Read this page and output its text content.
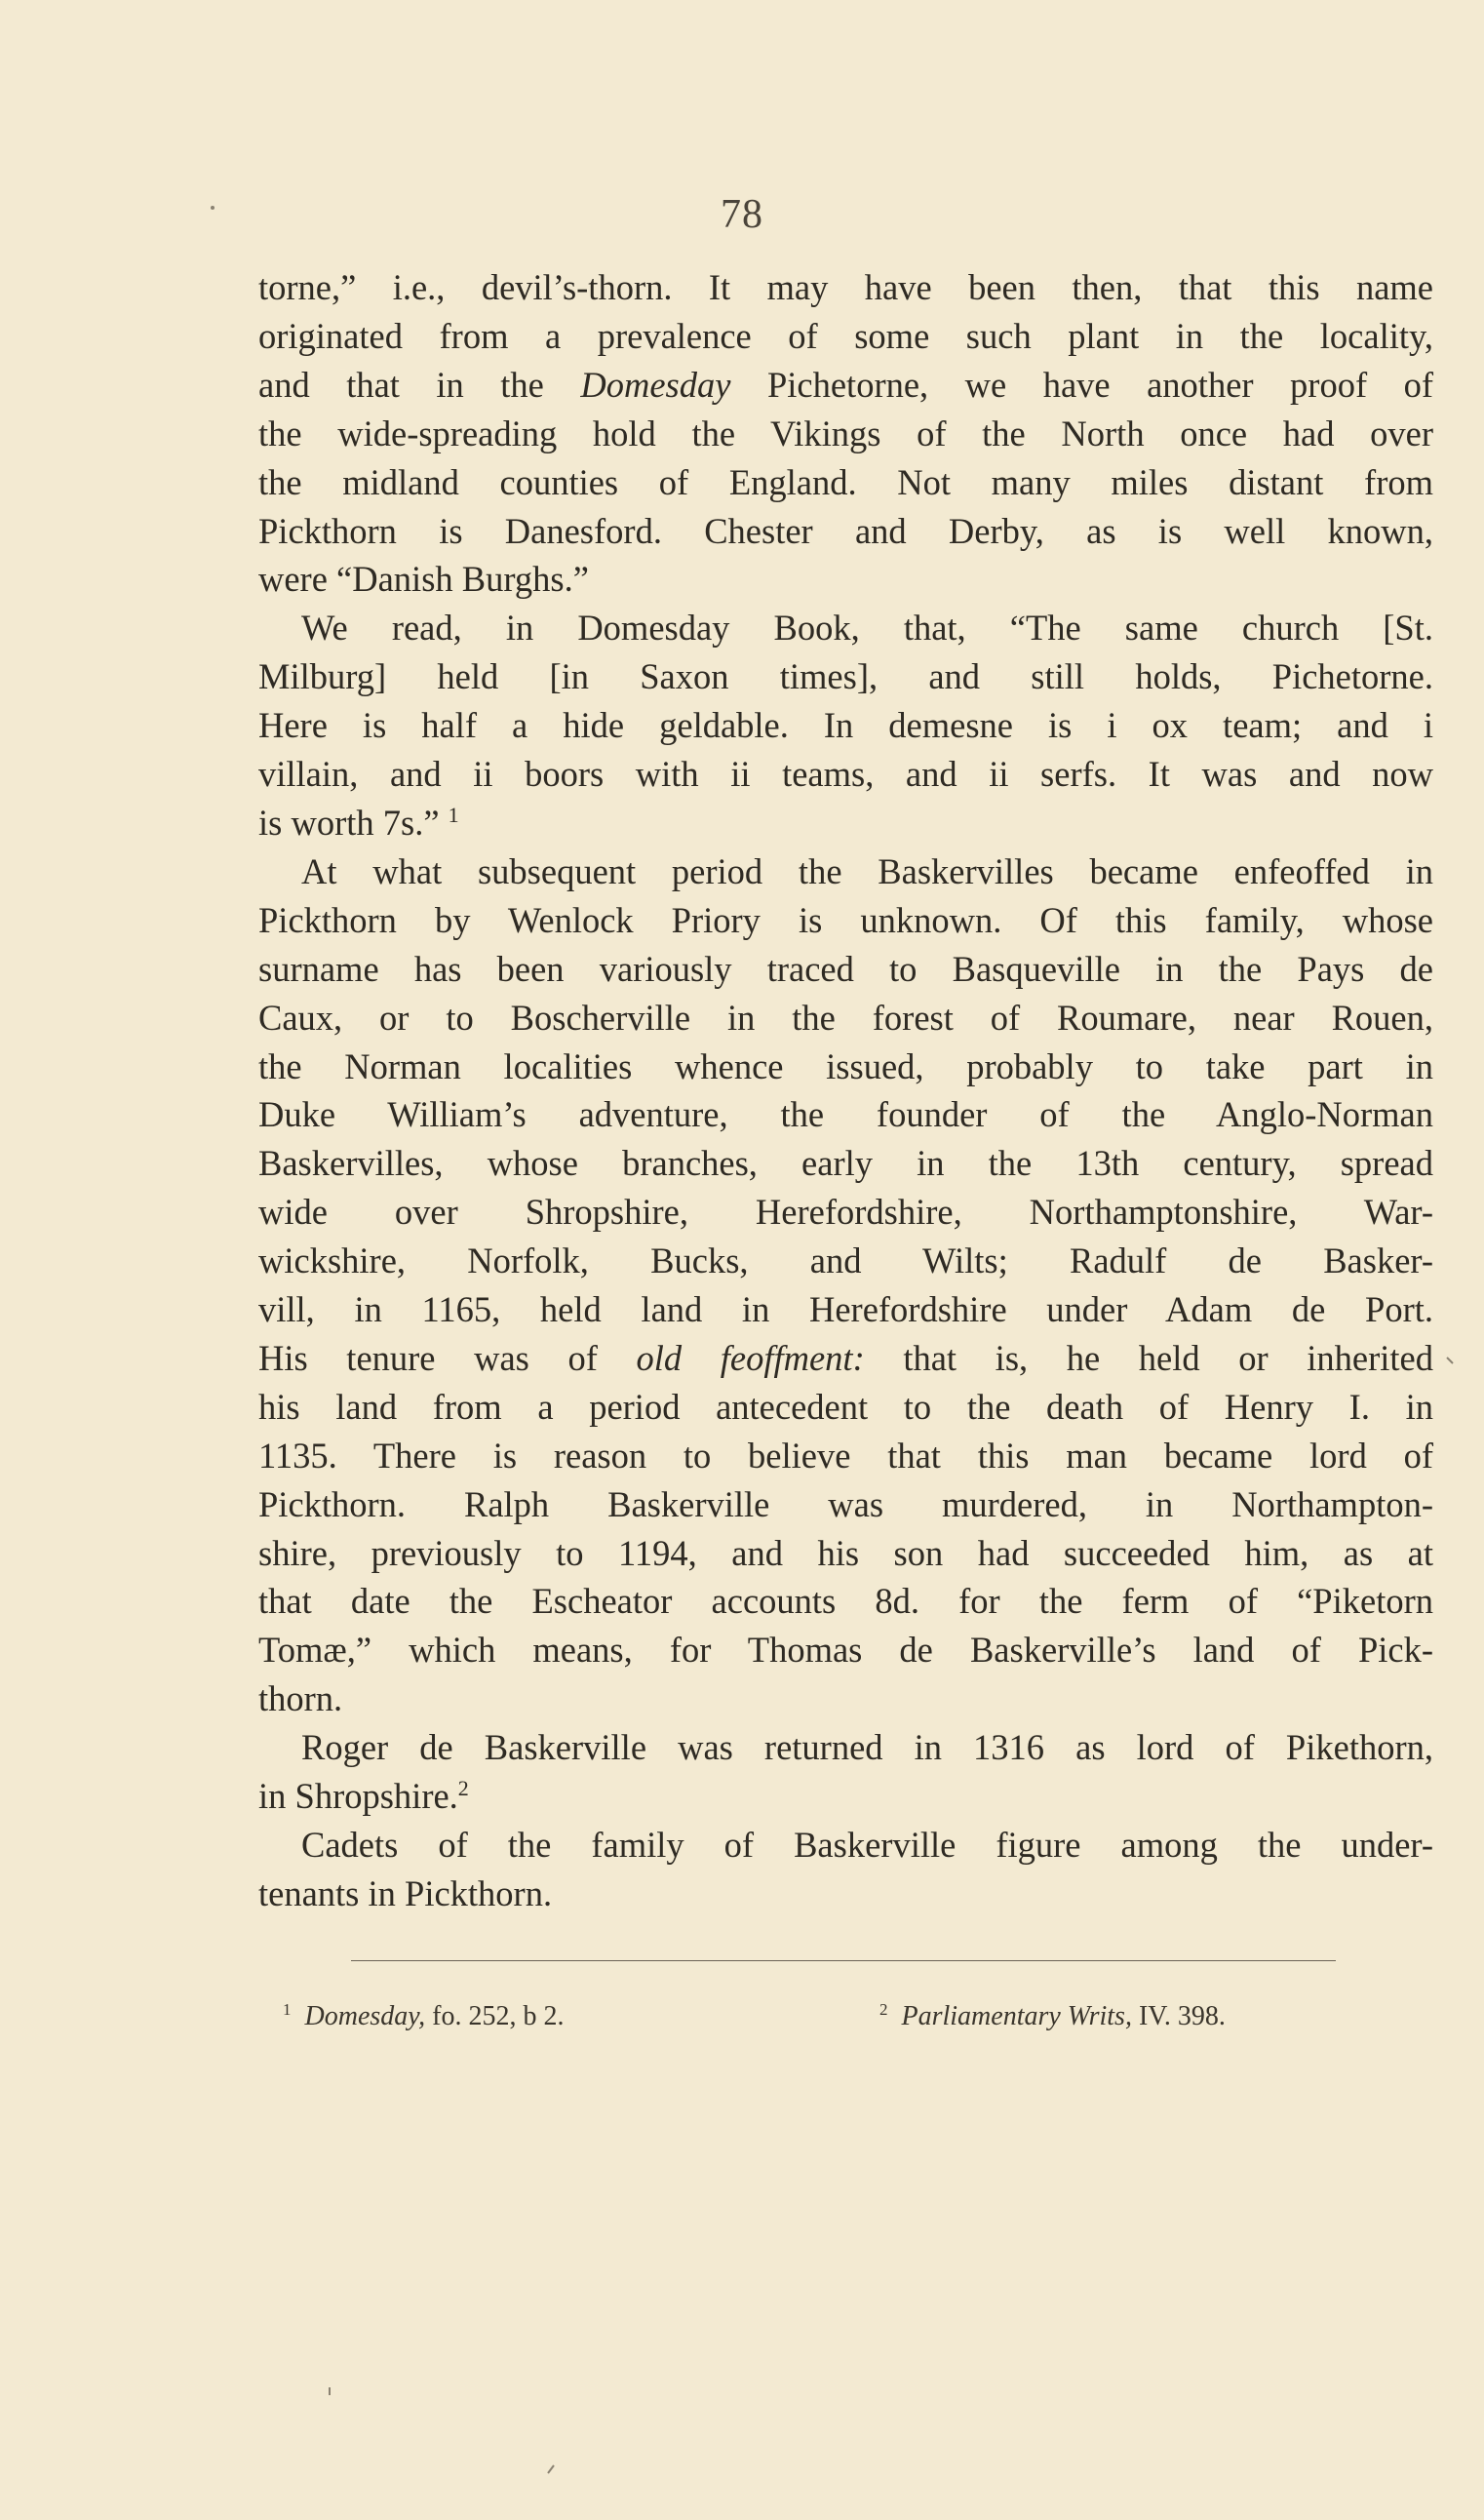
78

torne,” i.e., devil’s-thorn. It may have been then, that this name
originated from a prevalence of some such plant in the locality,
and that in the Domesday Pichetorne, we have another proof of
the wide-spreading hold the Vikings of the North once had over
the midland counties of England. Not many miles distant from
Pickthorn is Danesford. Chester and Derby, as is well known,
were “Danish Burghs.”

We read, in Domesday Book, that, “The same church [St.
Milburg] held [in Saxon times], and still holds, Pichetorne.
Here is half a hide geldable. In demesne is i ox team; and i
villain, and ii boors with ii teams, and ii serfs. It was and now
is worth 7s.” $^1$

At what subsequent period the Baskervilles became enfeoffed in
Pickthorn by Wenlock Priory is unknown. Of this family, whose
surname has been variously traced to Basqueville in the Pays de
Caux, or to Boscherville in the forest of Roumare, near Rouen,
the Norman localities whence issued, probably to take part in
Duke William’s adventure, the founder of the Anglo-Norman
Baskervilles, whose branches, early in the 13th century, spread
wide over Shropshire, Herefordshire, Northamptonshire, War-
wickshire, Norfolk, Bucks, and Wilts; Radulf de Basker-
vill, in 1165, held land in Herefordshire under Adam de Port.
His tenure was of old feoffment: that is, he held or inherited
his land from a period antecedent to the death of Henry I. in
1135. There is reason to believe that this man became lord of
Pickthorn. Ralph Baskerville was murdered, in Northampton-
shire, previously to 1194, and his son had succeeded him, as at
that date the Escheator accounts 8d. for the ferm of “Piketorn
Tomæ,” which means, for Thomas de Baskerville’s land of Pick-
thorn.

Roger de Baskerville was returned in 1316 as lord of Pikethorn,
in Shropshire.$^2$

Cadets of the family of Baskerville figure among the under-
tenants in Pickthorn.

$^1$ Domesday, fo. 252, b 2.	$^2$ Parliamentary Writs, IV. 398.
